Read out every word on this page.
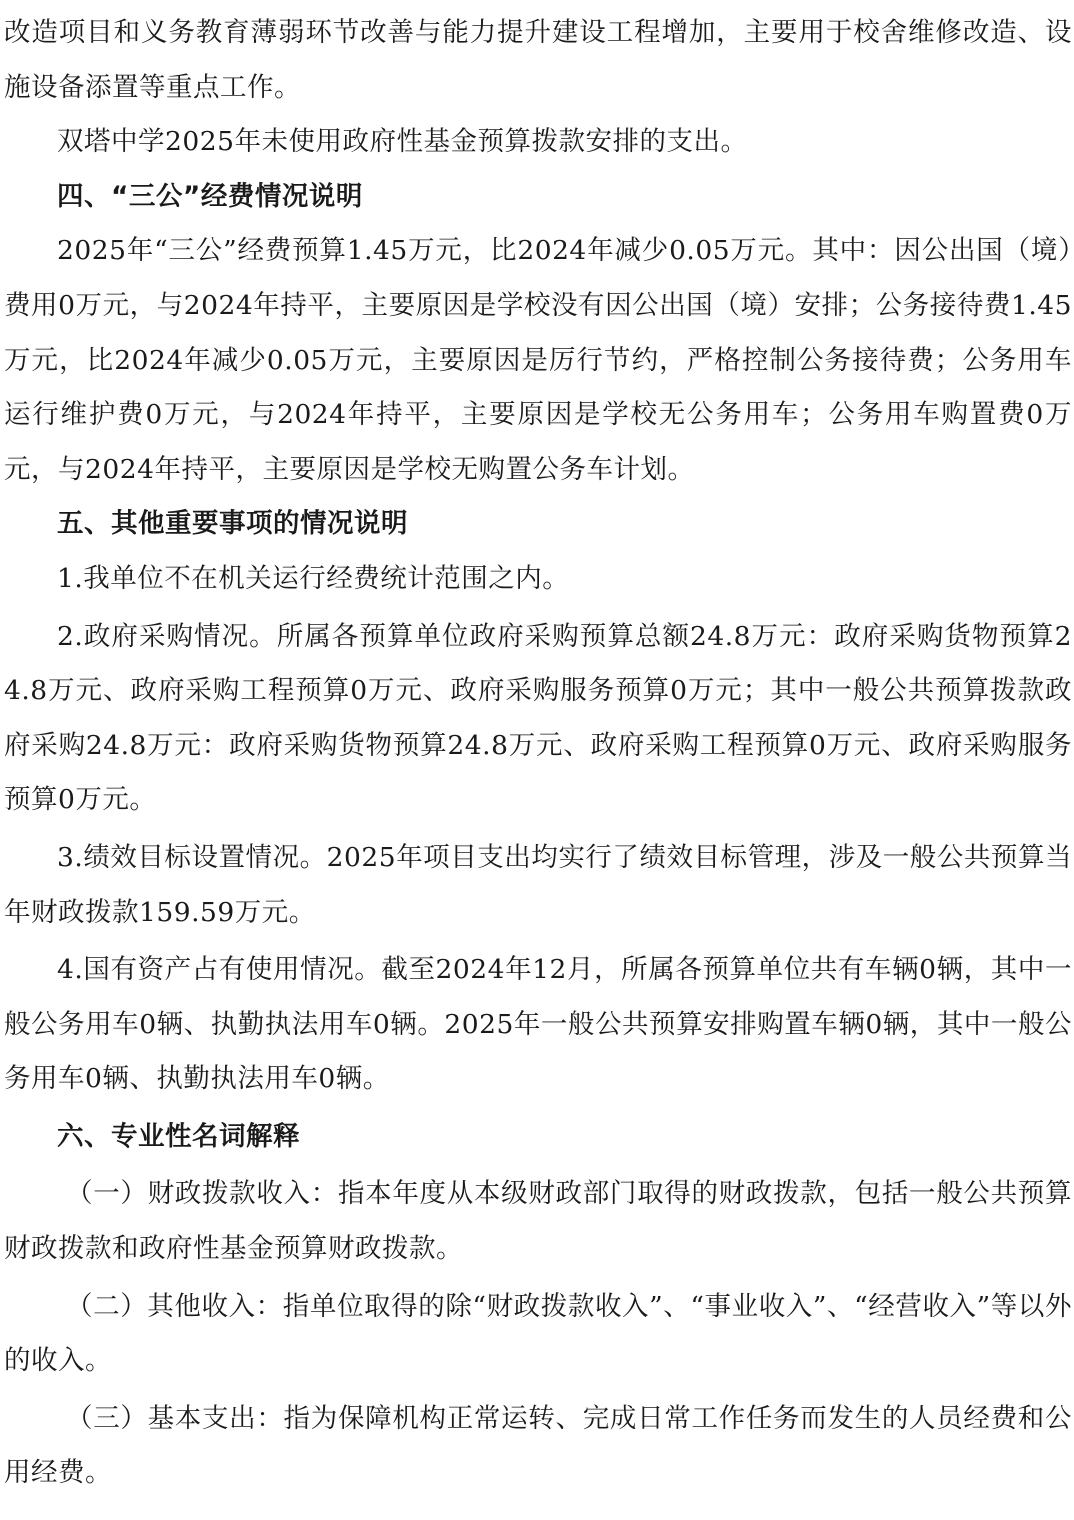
改造项目和义务教育薄弱环节改善与能力提升建设工程增加，主要用于校舍维修改造、设施设备添置等重点工作。

双塔中学2025年未使用政府性基金预算拨款安排的支出。

四、“三公”经费情况说明

2025年“三公”经费预算1.45万元，比2024年减少0.05万元。其中：因公出国（境）费用0万元，与2024年持平，主要原因是学校没有因公出国（境）安排；公务接待费1.45万元，比2024年减少0.05万元，主要原因是厉行节约，严格控制公务接待费；公务用车运行维护费0万元，与2024年持平，主要原因是学校无公务用车；公务用车购置费0万元，与2024年持平，主要原因是学校无购置公务车计划。

五、其他重要事项的情况说明

1.我单位不在机关运行经费统计范围之内。

2.政府采购情况。所属各预算单位政府采购预算总额24.8万元：政府采购货物预算24.8万元、政府采购工程预算0万元、政府采购服务预算0万元；其中一般公共预算拨款政府采购24.8万元：政府采购货物预算24.8万元、政府采购工程预算0万元、政府采购服务预算0万元。

3.绩效目标设置情况。2025年项目支出均实行了绩效目标管理，涉及一般公共预算当年财政拨款159.59万元。

4.国有资产占有使用情况。截至2024年12月，所属各预算单位共有车辆0辆，其中一般公务用车0辆、执勤执法用车0辆。2025年一般公共预算安排购置车辆0辆，其中一般公务用车0辆、执勤执法用车0辆。

六、专业性名词解释

（一）财政拨款收入：指本年度从本级财政部门取得的财政拨款，包括一般公共预算财政拨款和政府性基金预算财政拨款。

（二）其他收入：指单位取得的除“财政拨款收入”、“事业收入”、“经营收入”等以外的收入。

（三）基本支出：指为保障机构正常运转、完成日常工作任务而发生的人员经费和公用经费。
